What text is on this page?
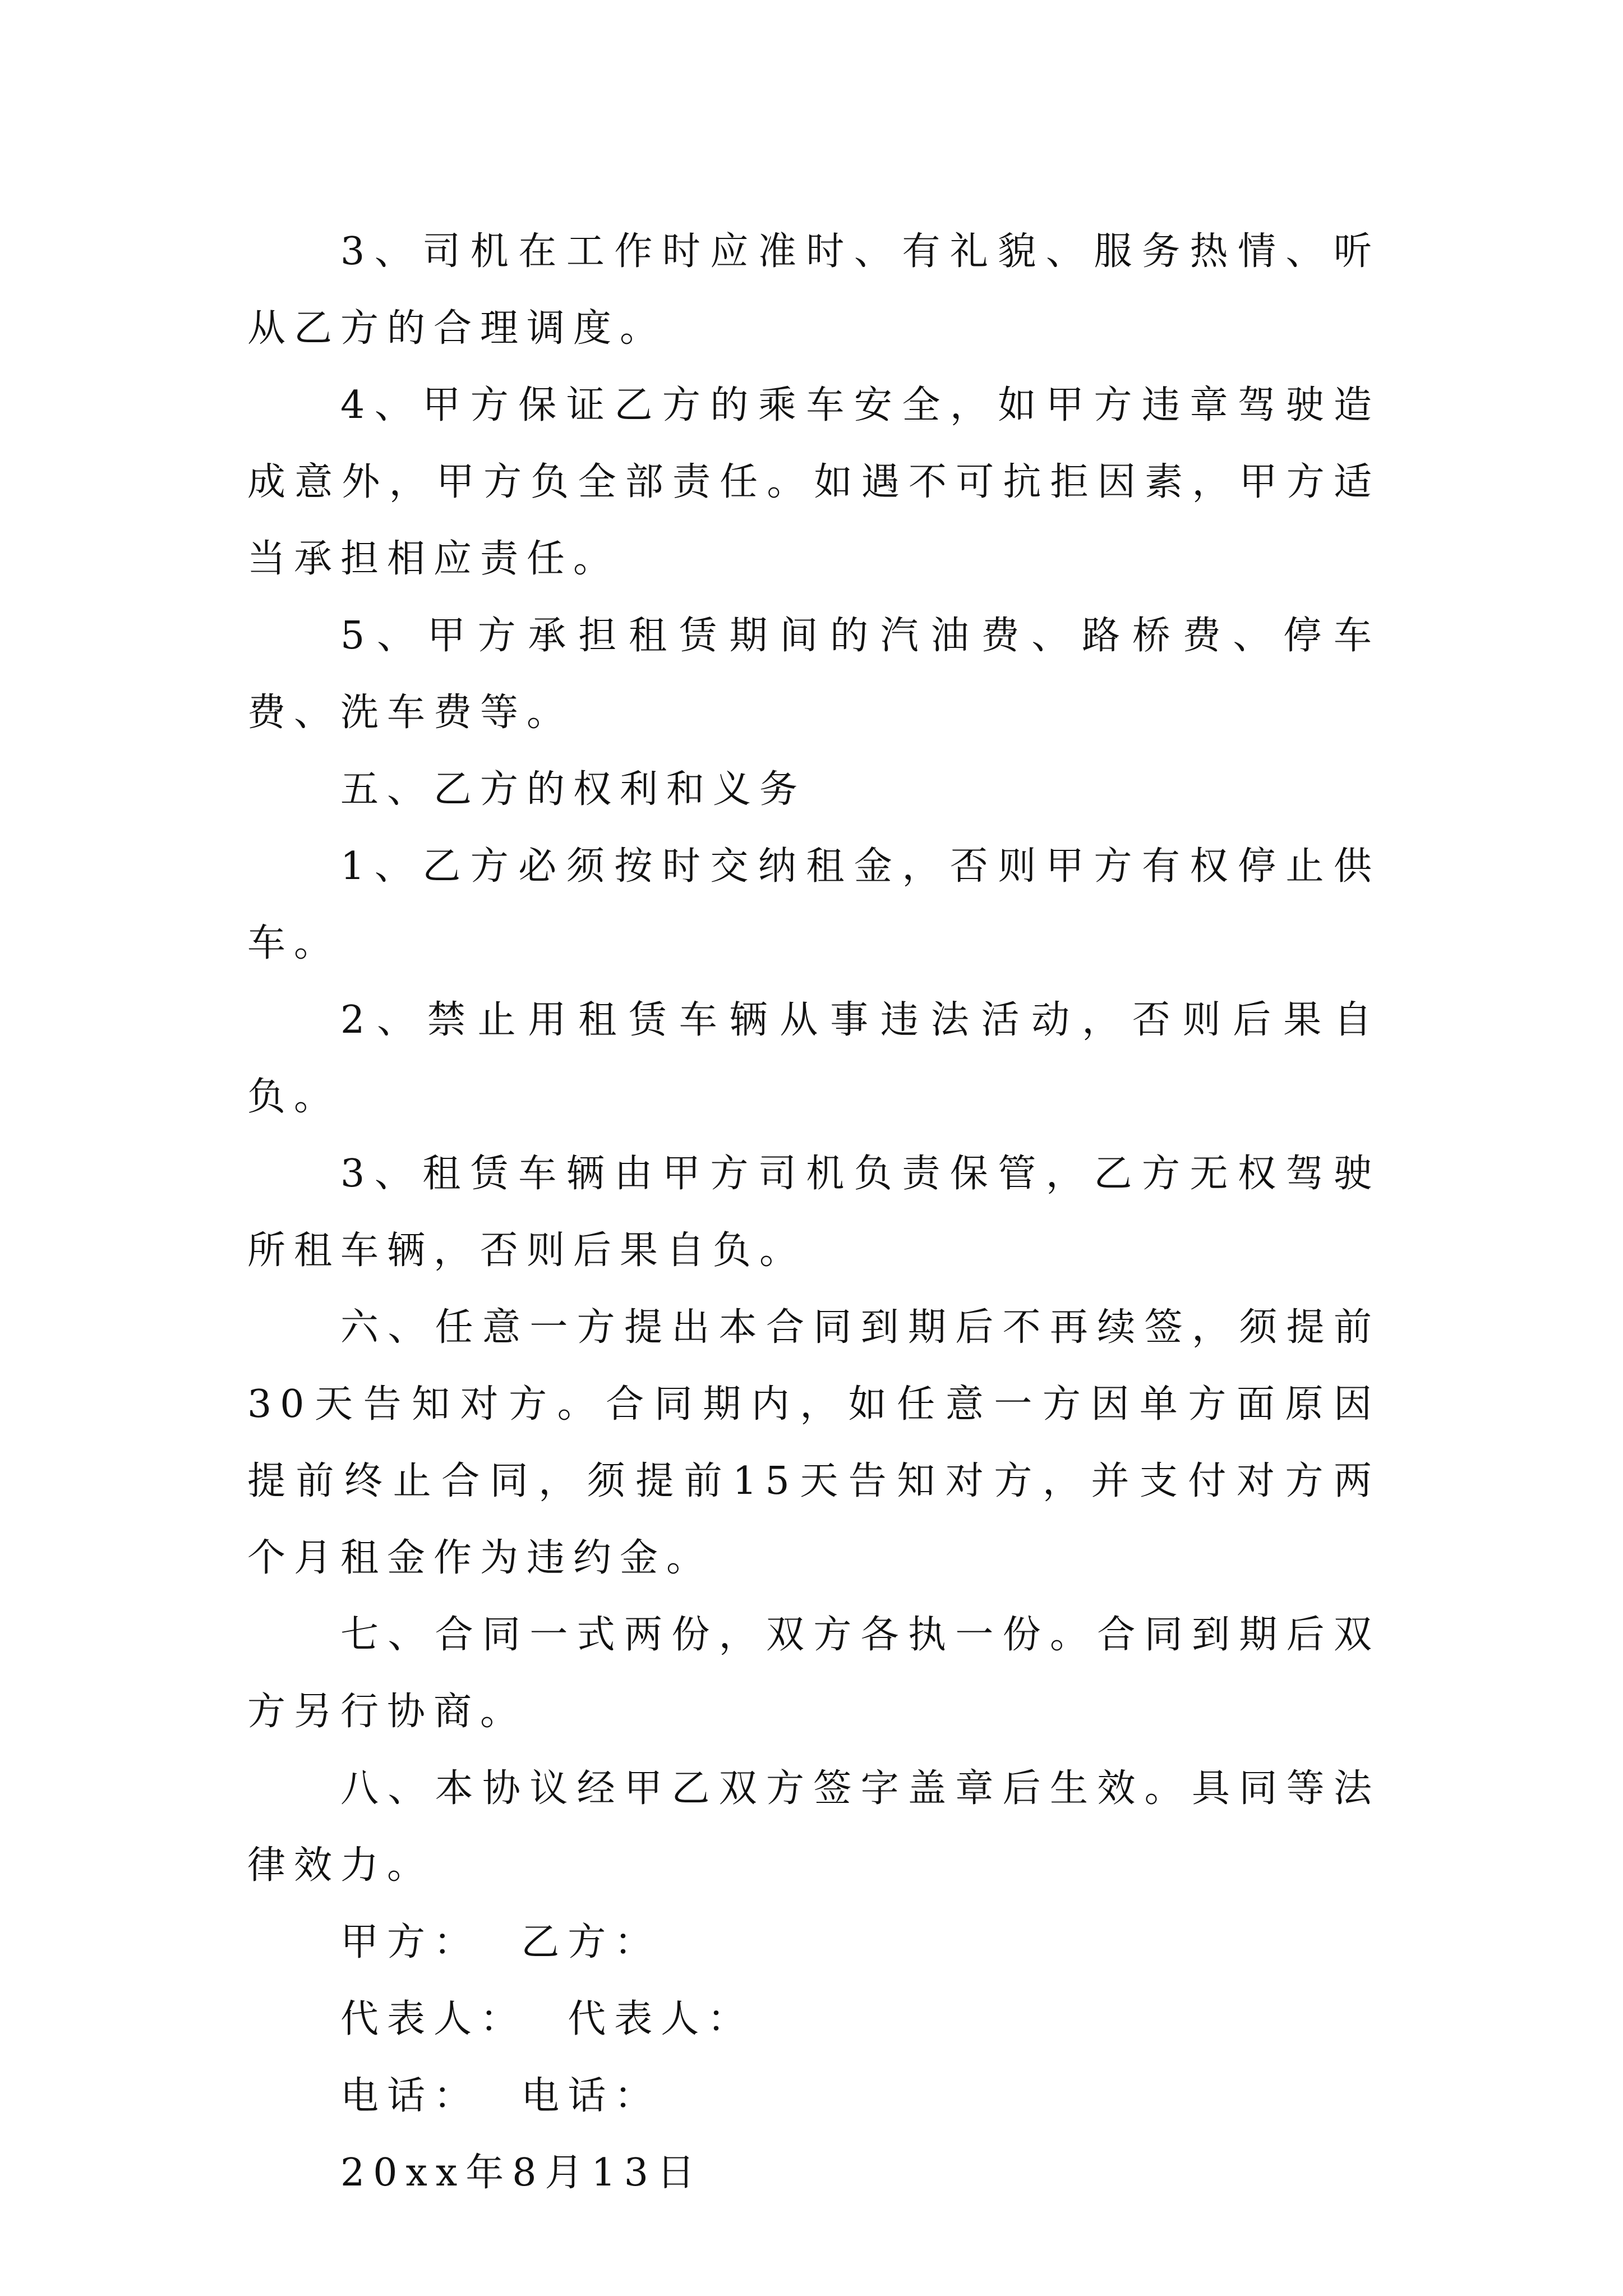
3、司机在工作时应准时、有礼貌、服务热情、听从乙方的合理调度。

4、甲方保证乙方的乘车安全，如甲方违章驾驶造成意外，甲方负全部责任。如遇不可抗拒因素，甲方适当承担相应责任。

5、甲方承担租赁期间的汽油费、路桥费、停车费、洗车费等。

五、乙方的权利和义务

1、乙方必须按时交纳租金，否则甲方有权停止供车。

2、禁止用租赁车辆从事违法活动，否则后果自负。

3、租赁车辆由甲方司机负责保管，乙方无权驾驶所租车辆，否则后果自负。

六、任意一方提出本合同到期后不再续签，须提前30天告知对方。合同期内，如任意一方因单方面原因提前终止合同，须提前15天告知对方，并支付对方两个月租金作为违约金。

七、合同一式两份，双方各执一份。合同到期后双方另行协商。

八、本协议经甲乙双方签字盖章后生效。具同等法律效力。

甲方：  乙方：

代表人：  代表人：

电话：  电话：

20xx年8月13日
